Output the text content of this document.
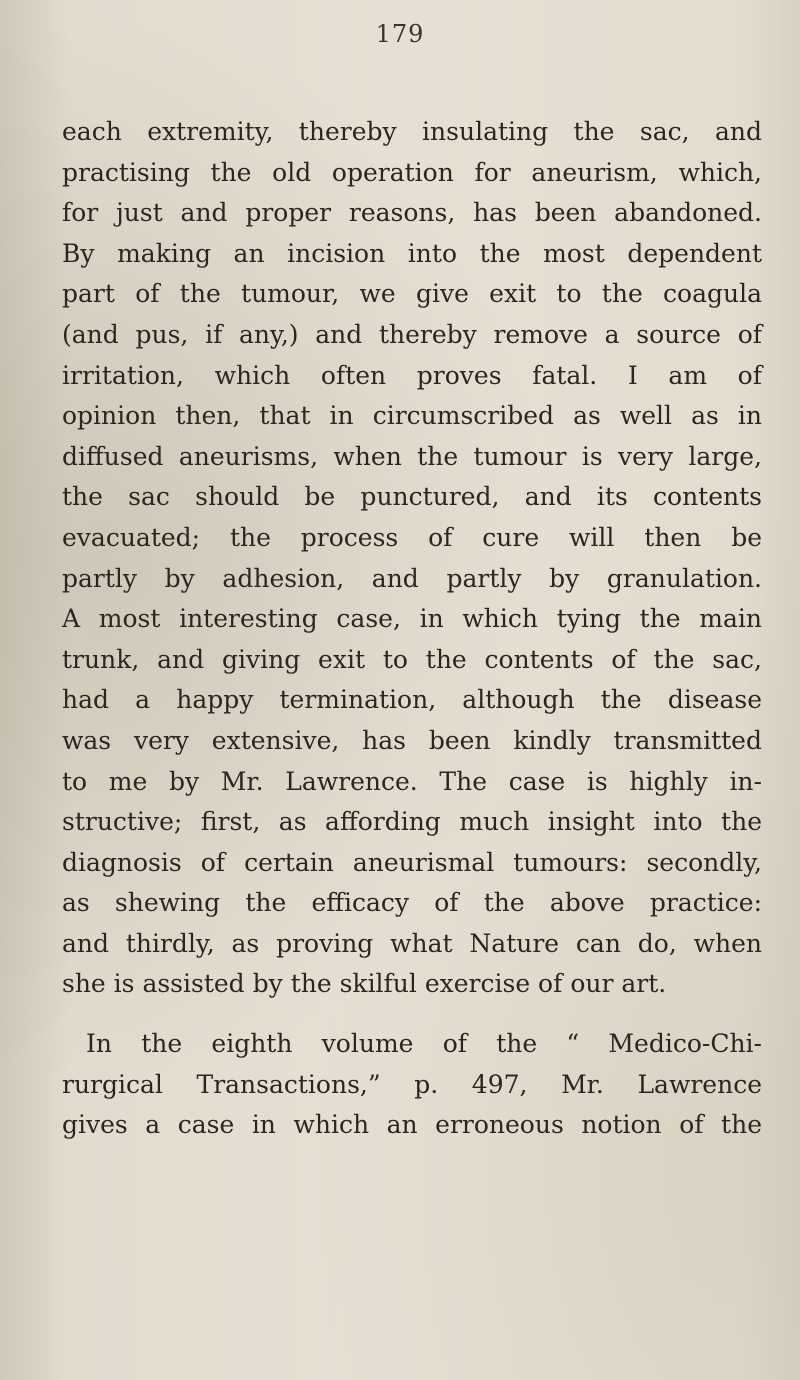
179
each extremity, thereby insulating the sac, and
practising the old operation for aneurism, which,
for just and proper reasons, has been abandoned.
By making an incision into the most dependent
part of the tumour, we give exit to the coagula
(and pus, if any,) and thereby remove a source of
irritation, which often proves fatal. I am of
opinion then, that in circumscribed as well as in
diffused aneurisms, when the tumour is very large,
the sac should be punctured, and its contents
evacuated; the process of cure will then be
partly by adhesion, and partly by granulation.
A most interesting case, in which tying the main
trunk, and giving exit to the contents of the sac,
had a happy termination, although the disease
was very extensive, has been kindly transmitted
to me by Mr. Lawrence. The case is highly in-
structive; first, as affording much insight into the
diagnosis of certain aneurismal tumours: secondly,
as shewing the efficacy of the above practice:
and thirdly, as proving what Nature can do, when
she is assisted by the skilful exercise of our art.
In the eighth volume of the “ Medico-Chi-
rurgical Transactions,” p. 497, Mr. Lawrence
gives a case in which an erroneous notion of the
